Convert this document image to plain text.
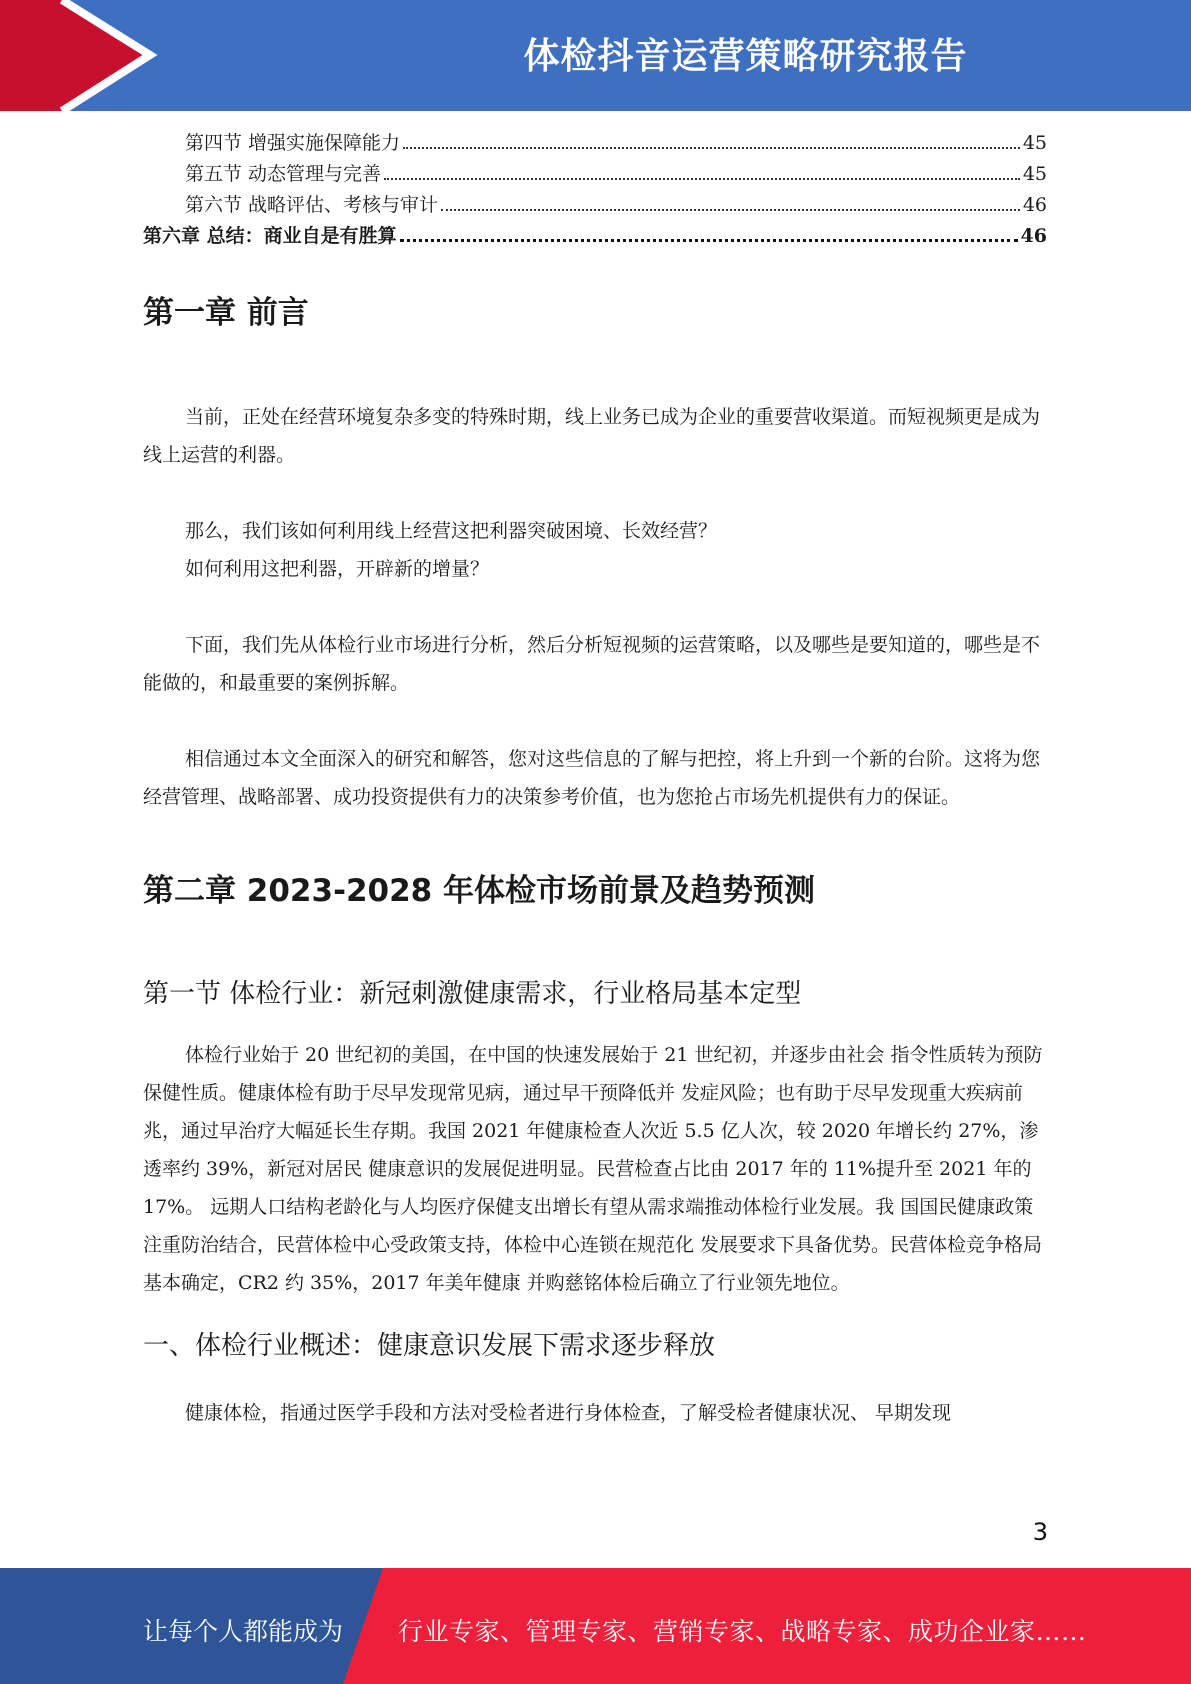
体检抖音运营策略研究报告
第四节 增强实施保障能力	45
第五节 动态管理与完善	45
第六节 战略评估、考核与审计	46
第六章 总结：商业自是有胜算	46
第一章 前言

当前，正处在经营环境复杂多变的特殊时期，线上业务已成为企业的重要营收渠道。而短视频更是成为线上运营的利器。

那么，我们该如何利用线上经营这把利器突破困境、长效经营？

如何利用这把利器，开辟新的增量？

下面，我们先从体检行业市场进行分析，然后分析短视频的运营策略，以及哪些是要知道的，哪些是不能做的，和最重要的案例拆解。

相信通过本文全面深入的研究和解答，您对这些信息的了解与把控，将上升到一个新的台阶。这将为您经营管理、战略部署、成功投资提供有力的决策参考价值，也为您抢占市场先机提供有力的保证。

第二章 2023-2028 年体检市场前景及趋势预测
第一节 体检行业：新冠刺激健康需求，行业格局基本定型

体检行业始于 20 世纪初的美国，在中国的快速发展始于 21 世纪初，并逐步由社会 指令性质转为预防保健性质。健康体检有助于尽早发现常见病，通过早干预降低并 发症风险；也有助于尽早发现重大疾病前兆，通过早治疗大幅延长生存期。我国 2021 年健康检查人次近 5.5 亿人次，较 2020 年增长约 27%，渗透率约 39%，新冠对居民 健康意识的发展促进明显。民营检查占比由 2017 年的 11%提升至 2021 年的 17%。 远期人口结构老龄化与人均医疗保健支出增长有望从需求端推动体检行业发展。我 国国民健康政策注重防治结合，民营体检中心受政策支持，体检中心连锁在规范化 发展要求下具备优势。民营体检竞争格局基本确定，CR2 约 35%，2017 年美年健康 并购慈铭体检后确立了行业领先地位。

一、体检行业概述：健康意识发展下需求逐步释放

健康体检，指通过医学手段和方法对受检者进行身体检查，了解受检者健康状况、 早期发现

3
让每个人都能成为 行业专家、管理专家、营销专家、战略专家、成功企业家……
